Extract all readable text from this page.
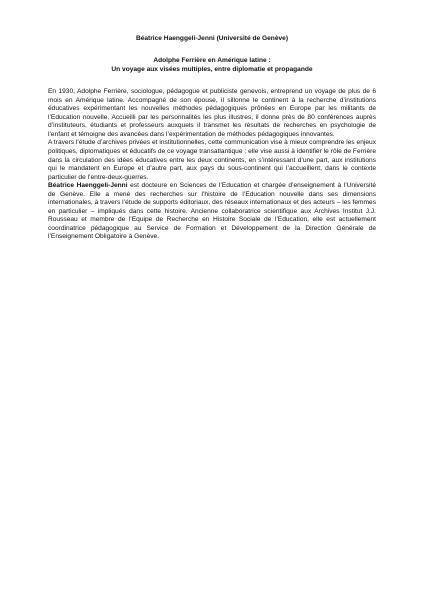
Béatrice Haenggeli-Jenni (Université de Genève)
Adolphe Ferrière en Amérique latine :
Un voyage aux visées multiples, entre diplomatie et propagande

En 1930, Adolphe Ferrière, sociologue, pédagogue et publiciste genevois, entreprend un voyage de plus de 6 mois en Amérique latine. Accompagné de son épouse, il sillonne le continent à la recherche d’institutions éducatives expérimentant les nouvelles méthodes pédagogiques prônées en Europe par les militants de l’Education nouvelle. Accueilli par les personnalités les plus illustres, il donne près de 80 conférences auprès d’instituteurs, étudiants et professeurs auxquels il transmet les résultats de recherches en psychologie de l’enfant et témoigne des avancées dans l’expérimentation de méthodes pédagogiques innovantes.

A travers l’étude d’archives privées et institutionnelles, cette communication vise à mieux comprendre les enjeux politiques, diplomatiques et éducatifs de ce voyage transatlantique ; elle vise aussi à identifier le rôle de Ferrière dans la circulation des idées éducatives entre les deux continents, en s’intéressant d’une part, aux institutions qui le mandatent en Europe et d’autre part, aux pays du sous-continent qui l’accueillent, dans le contexte particulier de l’entre-deux-guerres.

Béatrice Haenggeli-Jenni est docteure en Sciences de l’Education et chargée d’enseignement à l’Université de Genève. Elle a mené des recherches sur l’histoire de l’Education nouvelle dans ses dimensions internationales, à travers l’étude de supports éditoriaux, des réseaux internationaux et des acteurs – les femmes en particulier – impliqués dans cette histoire. Ancienne collaboratrice scientifique aux Archives Institut J.J. Rousseau et membre de l’Equipe de Recherche en Histoire Sociale de l’Education, elle est actuellement coordinatrice pédagogique au Service de Formation et Développement de la Direction Générale de l’Enseignement Obligatoire à Genève.
